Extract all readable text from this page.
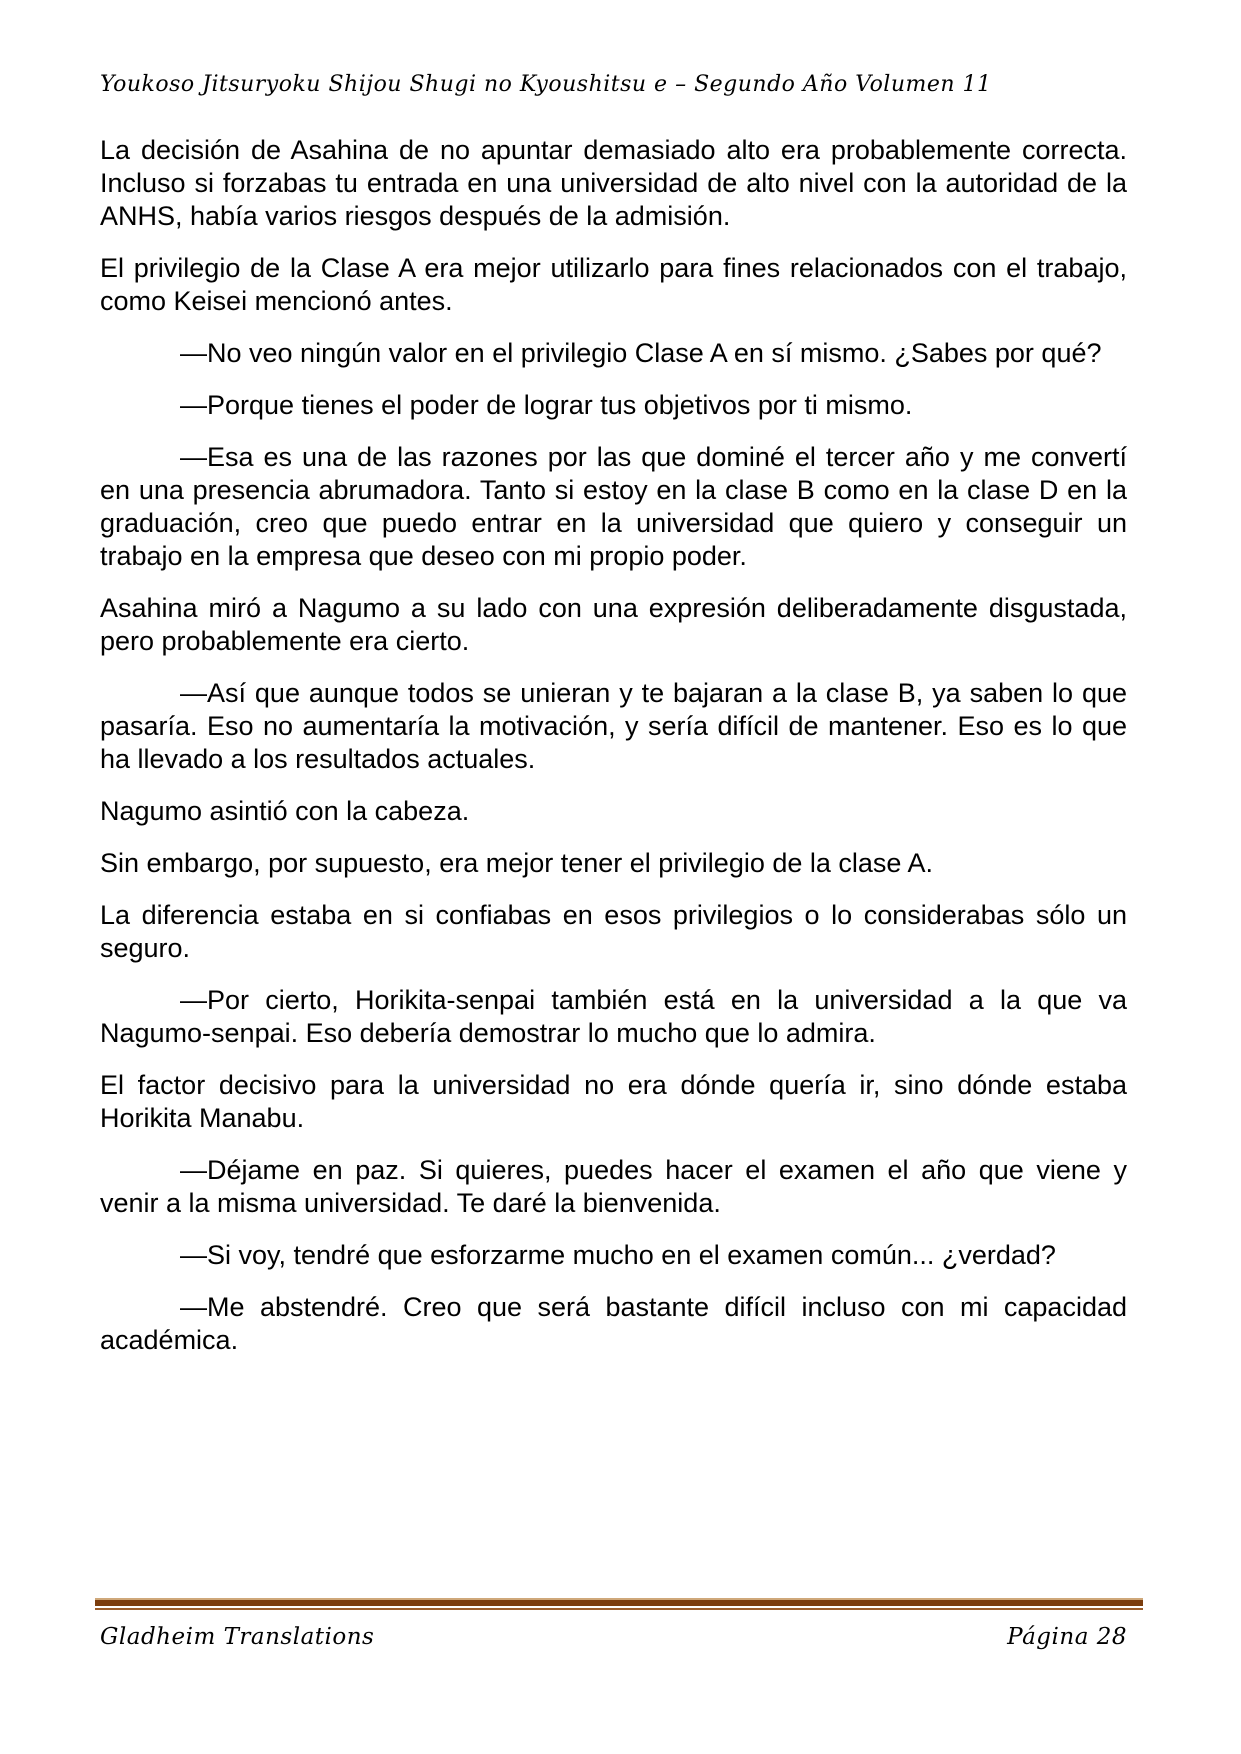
Youkoso Jitsuryoku Shijou Shugi no Kyoushitsu e – Segundo Año Volumen 11

La decisión de Asahina de no apuntar demasiado alto era probablemente correcta. Incluso si forzabas tu entrada en una universidad de alto nivel con la autoridad de la ANHS, había varios riesgos después de la admisión.

El privilegio de la Clase A era mejor utilizarlo para fines relacionados con el trabajo, como Keisei mencionó antes.

—No veo ningún valor en el privilegio Clase A en sí mismo. ¿Sabes por qué?

—Porque tienes el poder de lograr tus objetivos por ti mismo.

—Esa es una de las razones por las que dominé el tercer año y me convertí en una presencia abrumadora. Tanto si estoy en la clase B como en la clase D en la graduación, creo que puedo entrar en la universidad que quiero y conseguir un trabajo en la empresa que deseo con mi propio poder.

Asahina miró a Nagumo a su lado con una expresión deliberadamente disgustada, pero probablemente era cierto.

—Así que aunque todos se unieran y te bajaran a la clase B, ya saben lo que pasaría. Eso no aumentaría la motivación, y sería difícil de mantener. Eso es lo que ha llevado a los resultados actuales.

Nagumo asintió con la cabeza.

Sin embargo, por supuesto, era mejor tener el privilegio de la clase A.

La diferencia estaba en si confiabas en esos privilegios o lo considerabas sólo un seguro.

—Por cierto, Horikita-senpai también está en la universidad a la que va Nagumo-senpai. Eso debería demostrar lo mucho que lo admira.

El factor decisivo para la universidad no era dónde quería ir, sino dónde estaba Horikita Manabu.

—Déjame en paz. Si quieres, puedes hacer el examen el año que viene y venir a la misma universidad. Te daré la bienvenida.

—Si voy, tendré que esforzarme mucho en el examen común... ¿verdad?

—Me abstendré. Creo que será bastante difícil incluso con mi capacidad académica.

Gladheim Translations	Página 28
